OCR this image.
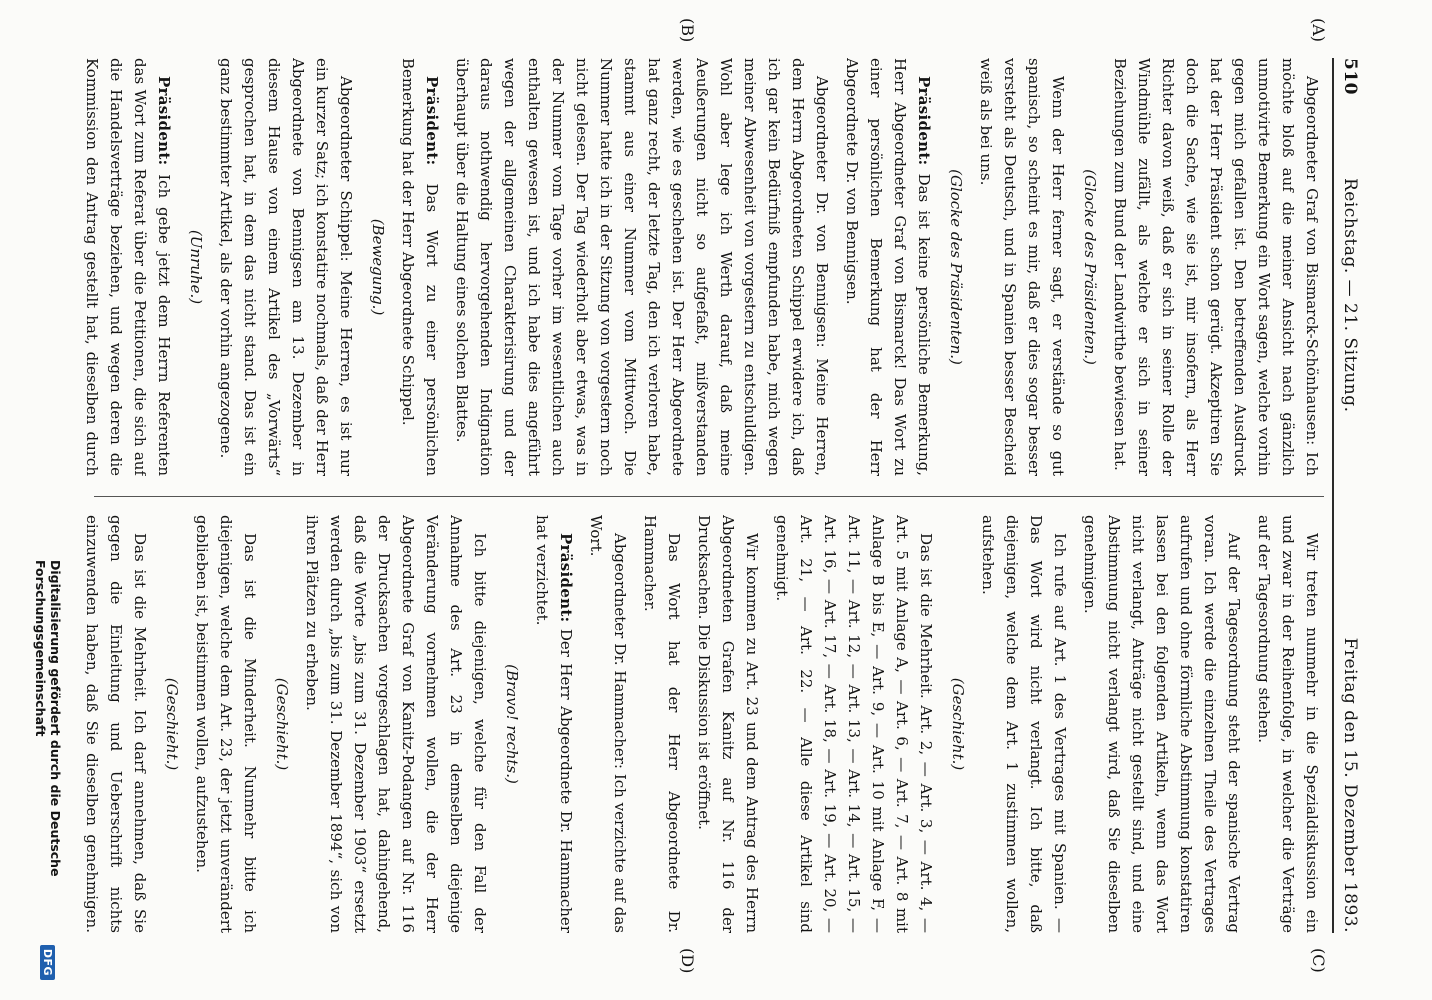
510
Reichstag. — 21. Sitzung.
Freitag den 15. Dezember 1893.
(A)
(B)
(C)
(D)

Abgeordneter Graf von Bismarck-Schönhausen: Ich möchte bloß auf die meiner Ansicht nach gänzlich unmotivirte Bemerkung ein Wort sagen, welche vorhin gegen mich gefallen ist. Den betreffenden Ausdruck hat der Herr Präsident schon gerügt. Akzeptiren Sie doch die Sache, wie sie ist, mir insofern, als Herr Richter davon weiß, daß er sich in seiner Rolle der Windmühle zufällt, als welche er sich in seiner Beziehungen zum Bund der Landwirthe bewiesen hat.

(Glocke des Präsidenten.)

Wenn der Herr ferner sagt, er verstände so gut spanisch, so scheint es mir, daß er dies sogar besser versteht als Deutsch, und in Spanien besser Bescheid weiß als bei uns.

(Glocke des Präsidenten.)

Präsident: Das ist keine persönliche Bemerkung, Herr Abgeordneter Graf von Bismarck! Das Wort zu einer persönlichen Bemerkung hat der Herr Abgeordnete Dr. von Bennigsen.

Abgeordneter Dr. von Bennigsen: Meine Herren, dem Herrn Abgeordneten Schippel erwidere ich, daß ich gar kein Bedürfniß empfunden habe, mich wegen meiner Abwesenheit von vorgestern zu entschuldigen. Wohl aber lege ich Werth darauf, daß meine Aeußerungen nicht so aufgefaßt, mißverstanden werden, wie es geschehen ist. Der Herr Abgeordnete hat ganz recht, der letzte Tag, den ich verloren habe, stammt aus einer Nummer vom Mittwoch. Die Nummer hatte ich in der Sitzung von vorgestern noch nicht gelesen. Der Tag wiederholt aber etwas, was in der Nummer vom Tage vorher im wesentlichen auch enthalten gewesen ist, und ich habe dies angeführt wegen der allgemeinen Charakterisirung und der daraus nothwendig hervorgehenden Indignation überhaupt über die Haltung eines solchen Blattes.

Präsident: Das Wort zu einer persönlichen Bemerkung hat der Herr Abgeordnete Schippel.

(Bewegung.)

Abgeordneter Schippel: Meine Herren, es ist nur ein kurzer Satz; ich konstatire nochmals, daß der Herr Abgeordnete von Bennigsen am 13. Dezember in diesem Hause von einem Artikel des „Vorwärts“ gesprochen hat, in dem das nicht stand. Das ist ein ganz bestimmter Artikel, als der vorhin angezogene.

(Unruhe.)

Präsident: Ich gebe jetzt dem Herrn Referenten das Wort zum Referat über die Petitionen, die sich auf die Handelsverträge beziehen, und wegen deren die Kommission den Antrag gestellt hat, dieselben durch

Wir treten nunmehr in die Spezialdiskussion ein und zwar in der Reihenfolge, in welcher die Verträge auf der Tagesordnung stehen.

Auf der Tagesordnung steht der spanische Vertrag voran. Ich werde die einzelnen Theile des Vertrages aufrufen und ohne förmliche Abstimmung konstatiren lassen bei den folgenden Artikeln, wenn das Wort nicht verlangt, Anträge nicht gestellt sind, und eine Abstimmung nicht verlangt wird, daß Sie dieselben genehmigen.

Ich rufe auf Art. 1 des Vertrages mit Spanien. — Das Wort wird nicht verlangt. Ich bitte, daß diejenigen, welche dem Art. 1 zustimmen wollen, aufstehen.

(Geschieht.)

Das ist die Mehrheit. Art. 2, — Art. 3, — Art. 4, — Art. 5 mit Anlage A, — Art. 6, — Art. 7, — Art. 8 mit Anlage B bis E, — Art. 9, — Art. 10 mit Anlage F, — Art. 11, — Art. 12, — Art. 13, — Art. 14, — Art. 15, — Art. 16, — Art. 17, — Art. 18, — Art. 19, — Art. 20, — Art. 21, — Art. 22. — Alle diese Artikel sind genehmigt.

Wir kommen zu Art. 23 und dem Antrag des Herrn Abgeordneten Grafen Kanitz auf Nr. 116 der Drucksachen. Die Diskussion ist eröffnet.

Das Wort hat der Herr Abgeordnete Dr. Hammacher.

Abgeordneter Dr. Hammacher: Ich verzichte auf das Wort.

Präsident: Der Herr Abgeordnete Dr. Hammacher hat verzichtet.

(Bravo! rechts.)

Ich bitte diejenigen, welche für den Fall der Annahme des Art. 23 in demselben diejenige Veränderung vornehmen wollen, die der Herr Abgeordnete Graf von Kanitz-Podangen auf Nr. 116 der Drucksachen vorgeschlagen hat, dahingehend, daß die Worte „bis zum 31. Dezember 1903“ ersetzt werden durch „bis zum 31. Dezember 1894“, sich von ihren Plätzen zu erheben.

(Geschieht.)

Das ist die Minderheit. Nunmehr bitte ich diejenigen, welche dem Art. 23, der jetzt unverändert geblieben ist, beistimmen wollen, aufzustehen.

(Geschieht.)

Das ist die Mehrheit. Ich darf annehmen, daß Sie gegen die Einleitung und Ueberschrift nichts einzuwenden haben, daß Sie dieselben genehmigen.

Digitalisierung gefördert durch die Deutsche Forschungsgemeinschaft
DFG
